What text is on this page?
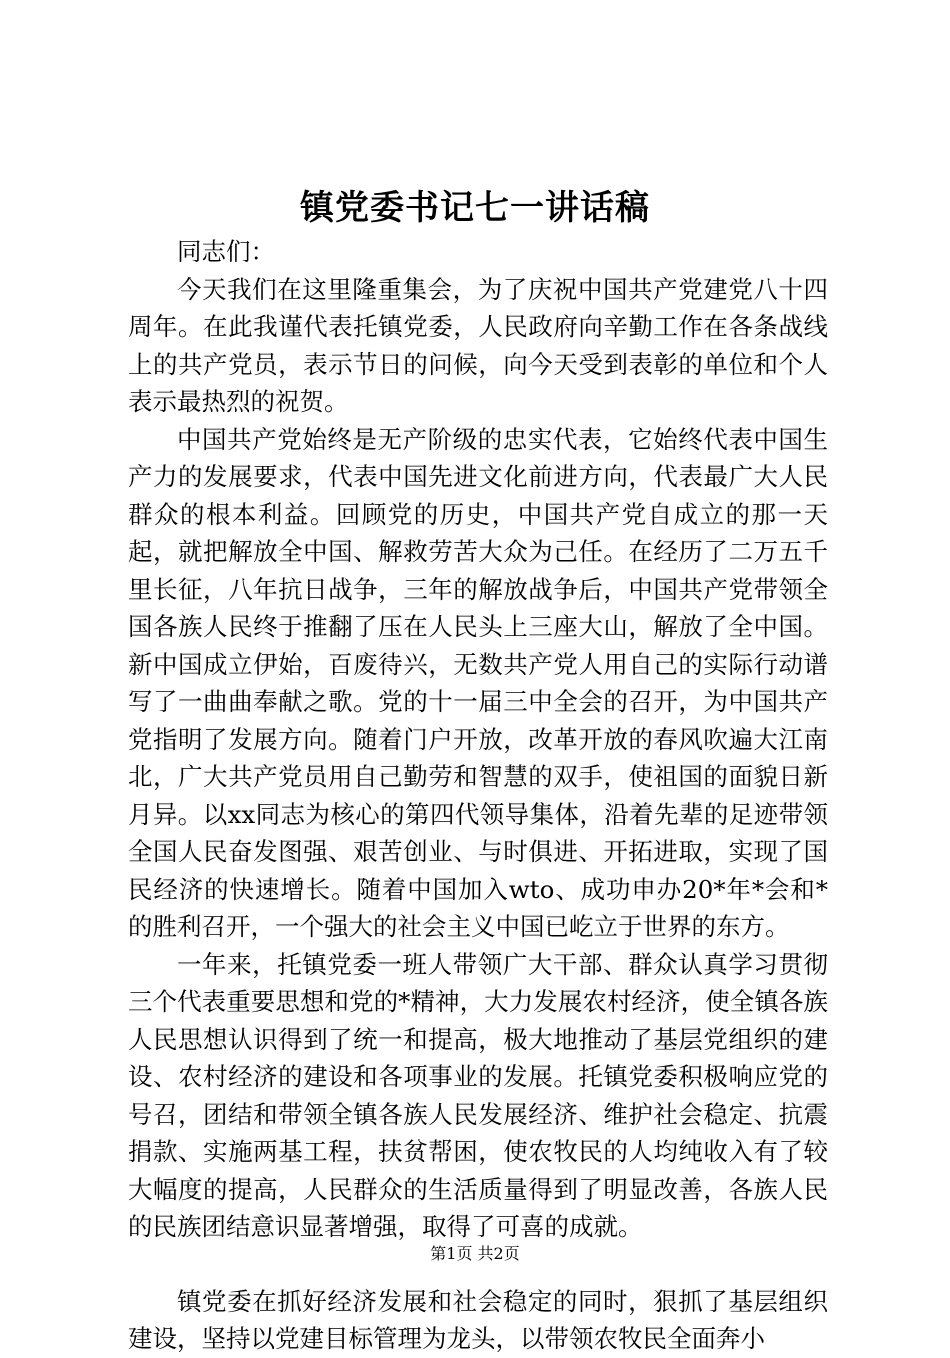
镇党委书记七一讲话稿

同志们：

今天我们在这里隆重集会，为了庆祝中国共产党建党八十四周年。在此我谨代表托镇党委，人民政府向辛勤工作在各条战线上的共产党员，表示节日的问候，向今天受到表彰的单位和个人表示最热烈的祝贺。

中国共产党始终是无产阶级的忠实代表，它始终代表中国生产力的发展要求，代表中国先进文化前进方向，代表最广大人民群众的根本利益。回顾党的历史，中国共产党自成立的那一天起，就把解放全中国、解救劳苦大众为己任。在经历了二万五千里长征，八年抗日战争，三年的解放战争后，中国共产党带领全国各族人民终于推翻了压在人民头上三座大山，解放了全中国。新中国成立伊始，百废待兴，无数共产党人用自己的实际行动谱写了一曲曲奉献之歌。党的十一届三中全会的召开，为中国共产党指明了发展方向。随着门户开放，改革开放的春风吹遍大江南北，广大共产党员用自己勤劳和智慧的双手，使祖国的面貌日新月异。以xx同志为核心的第四代领导集体，沿着先辈的足迹带领全国人民奋发图强、艰苦创业、与时俱进、开拓进取，实现了国民经济的快速增长。随着中国加入wto、成功申办20*年*会和*的胜利召开，一个强大的社会主义中国已屹立于世界的东方。

一年来，托镇党委一班人带领广大干部、群众认真学习贯彻三个代表重要思想和党的*精神，大力发展农村经济，使全镇各族人民思想认识得到了统一和提高，极大地推动了基层党组织的建设、农村经济的建设和各项事业的发展。托镇党委积极响应党的号召，团结和带领全镇各族人民发展经济、维护社会稳定、抗震捐款、实施两基工程，扶贫帮困，使农牧民的人均纯收入有了较大幅度的提高，人民群众的生活质量得到了明显改善，各族人民的民族团结意识显著增强，取得了可喜的成就。

镇党委在抓好经济发展和社会稳定的同时，狠抓了基层组织建设，坚持以党建目标管理为龙头，以带领农牧民全面奔小

第1页 共2页
